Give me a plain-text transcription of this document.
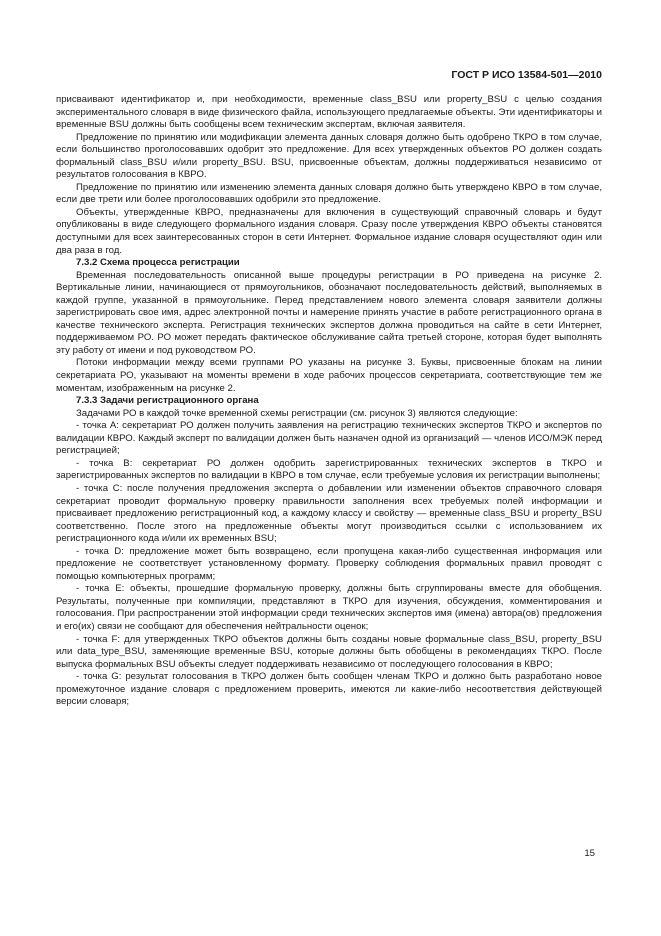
ГОСТ Р ИСО 13584-501—2010

присваивают идентификатор и, при необходимости, временные class_BSU или property_BSU с целью создания экспериментального словаря в виде физического файла, использующего предлагаемые объекты. Эти идентификаторы и временные BSU должны быть сообщены всем техническим экспертам, включая заявителя.

Предложение по принятию или модификации элемента данных словаря должно быть одобрено ТКРО в том случае, если большинство проголосовавших одобрит это предложение. Для всех утвержденных объектов РО должен создать формальный class_BSU и/или property_BSU. BSU, присвоенные объектам, должны поддерживаться независимо от результатов голосования в КВРО.

Предложение по принятию или изменению элемента данных словаря должно быть утверждено КВРО в том случае, если две трети или более проголосовавших одобрили это предложение.

Объекты, утвержденные КВРО, предназначены для включения в существующий справочный словарь и будут опубликованы в виде следующего формального издания словаря. Сразу после утверждения КВРО объекты становятся доступными для всех заинтересованных сторон в сети Интернет. Формальное издание словаря осуществляют один или два раза в год.

7.3.2 Схема процесса регистрации

Временная последовательность описанной выше процедуры регистрации в РО приведена на рисунке 2. Вертикальные линии, начинающиеся от прямоугольников, обозначают последовательность действий, выполняемых в каждой группе, указанной в прямоугольнике. Перед представлением нового элемента словаря заявители должны зарегистрировать свое имя, адрес электронной почты и намерение принять участие в работе регистрационного органа в качестве технического эксперта. Регистрация технических экспертов должна проводиться на сайте в сети Интернет, поддерживаемом РО. РО может передать фактическое обслуживание сайта третьей стороне, которая будет выполнять эту работу от имени и под руководством РО.

Потоки информации между всеми группами РО указаны на рисунке 3. Буквы, присвоенные блокам на линии секретариата РО, указывают на моменты времени в ходе рабочих процессов секретариата, соответствующие тем же моментам, изображенным на рисунке 2.

7.3.3 Задачи регистрационного органа

Задачами РО в каждой точке временной схемы регистрации (см. рисунок 3) являются следующие:

- точка А: секретариат РО должен получить заявления на регистрацию технических экспертов ТКРО и экспертов по валидации КВРО. Каждый эксперт по валидации должен быть назначен одной из организаций — членов ИСО/МЭК перед регистрацией;

- точка В: секретариат РО должен одобрить зарегистрированных технических экспертов в ТКРО и зарегистрированных экспертов по валидации в КВРО в том случае, если требуемые условия их регистрации выполнены;

- точка С: после получения предложения эксперта о добавлении или изменении объектов справочного словаря секретариат проводит формальную проверку правильности заполнения всех требуемых полей информации и присваивает предложению регистрационный код, а каждому классу и свойству — временные class_BSU и property_BSU соответственно. После этого на предложенные объекты могут производиться ссылки с использованием их регистрационного кода и/или их временных BSU;

- точка D: предложение может быть возвращено, если пропущена какая-либо существенная информация или предложение не соответствует установленному формату. Проверку соблюдения формальных правил проводят с помощью компьютерных программ;

- точка Е: объекты, прошедшие формальную проверку, должны быть сгруппированы вместе для обобщения. Результаты, полученные при компиляции, представляют в ТКРО для изучения, обсуждения, комментирования и голосования. При распространении этой информации среди технических экспертов имя (имена) автора(ов) предложения и его(их) связи не сообщают для обеспечения нейтральности оценок;

- точка F: для утвержденных ТКРО объектов должны быть созданы новые формальные class_BSU, property_BSU или data_type_BSU, заменяющие временные BSU, которые должны быть обобщены в рекомендациях ТКРО. После выпуска формальных BSU объекты следует поддерживать независимо от последующего голосования в КВРО;

- точка G: результат голосования в ТКРО должен быть сообщен членам ТКРО и должно быть разработано новое промежуточное издание словаря с предложением проверить, имеются ли какие-либо несоответствия действующей версии словаря;

15
